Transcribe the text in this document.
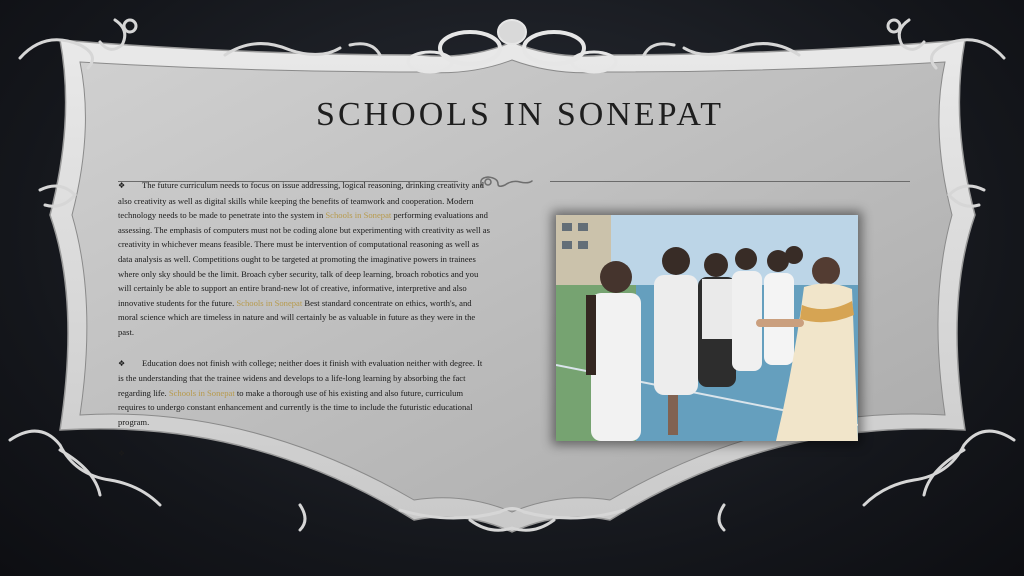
SCHOOLS IN SONEPAT

❖ The future curriculum needs to focus on issue addressing, logical reasoning, drinking creativity and also creativity as well as digital skills while keeping the benefits of teamwork and cooperation. Modern technology needs to be made to penetrate into the system in Schools in Sonepat performing evaluations and assessing. The emphasis of computers must not be coding alone but experimenting with creativity as well as creativity in whichever means feasible. There must be intervention of computational reasoning as well as data analysis as well. Competitions ought to be targeted at promoting the imaginative powers in trainees where only sky should be the limit. Broach cyber security, talk of deep learning, broach robotics and you will certainly be able to support an entire brand-new lot of creative, informative, interpretive and also innovative students for the future. Schools in Sonepat Best standard concentrate on ethics, worth's, and moral science which are timeless in nature and will certainly be as valuable in future as they were in the past.

❖ Education does not finish with college; neither does it finish with evaluation neither with degree. It is the understanding that the trainee widens and develops to a life-long learning by absorbing the fact regarding life. Schools in Sonepat to make a thorough use of his existing and also future, curriculum requires to undergo constant enhancement and currently is the time to include the futuristic educational program.

❖
